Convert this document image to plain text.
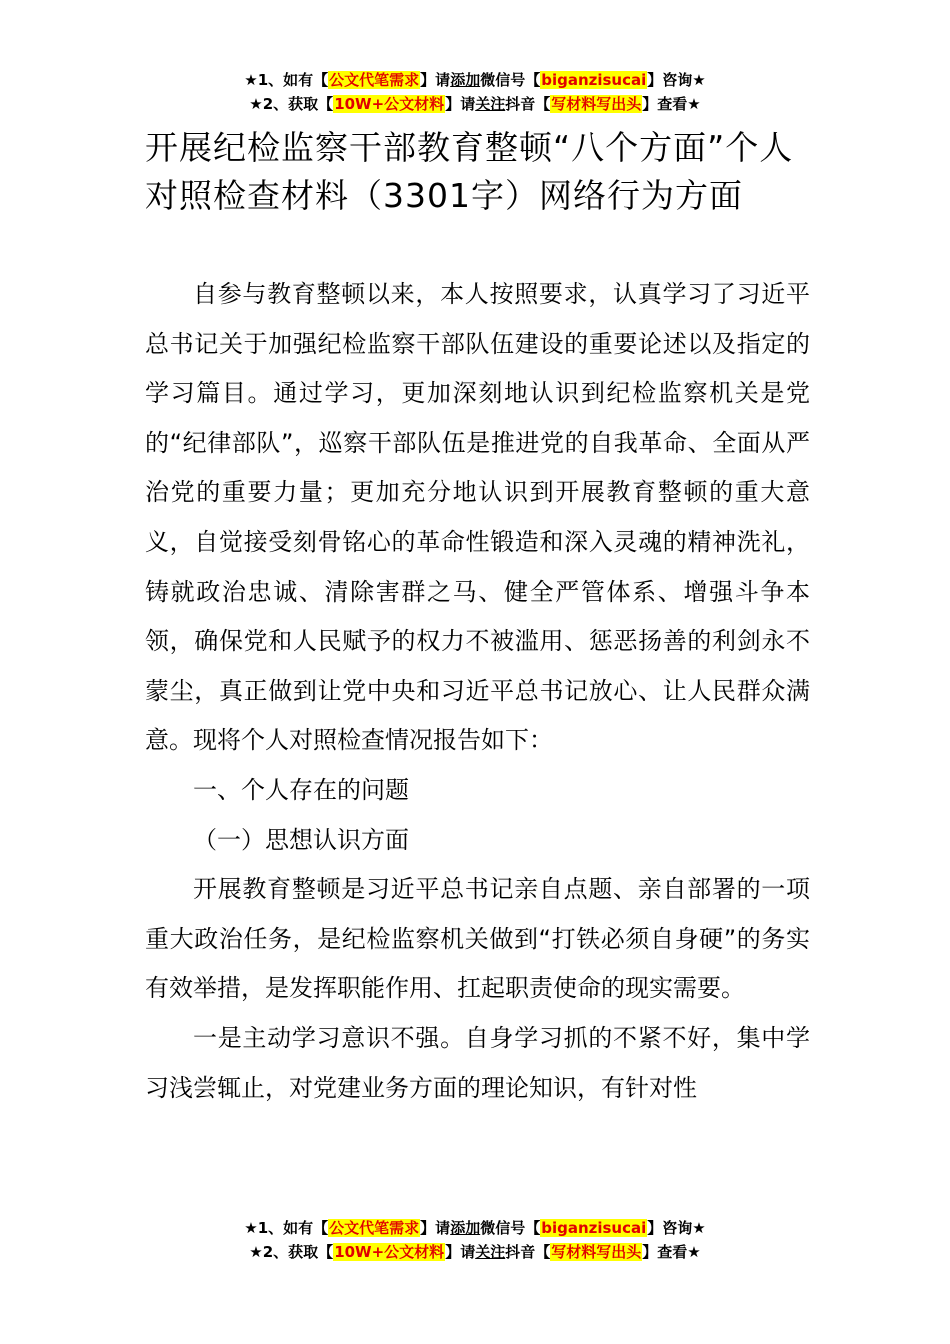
★1、如有【公文代笔需求】请添加微信号【biganzisucai】咨询★
★2、获取【10W+公文材料】请关注抖音【写材料写出头】查看★
开展纪检监察干部教育整顿“八个方面”个人对照检查材料（3301字）网络行为方面

自参与教育整顿以来，本人按照要求，认真学习了习近平总书记关于加强纪检监察干部队伍建设的重要论述以及指定的学习篇目。通过学习，更加深刻地认识到纪检监察机关是党的“纪律部队”，巡察干部队伍是推进党的自我革命、全面从严治党的重要力量；更加充分地认识到开展教育整顿的重大意义，自觉接受刻骨铭心的革命性锻造和深入灵魂的精神洗礼，铸就政治忠诚、清除害群之马、健全严管体系、增强斗争本领，确保党和人民赋予的权力不被滥用、惩恶扬善的利剑永不蒙尘，真正做到让党中央和习近平总书记放心、让人民群众满意。现将个人对照检查情况报告如下：

一、个人存在的问题

（一）思想认识方面

开展教育整顿是习近平总书记亲自点题、亲自部署的一项重大政治任务，是纪检监察机关做到“打铁必须自身硬”的务实有效举措，是发挥职能作用、扛起职责使命的现实需要。

一是主动学习意识不强。自身学习抓的不紧不好，集中学习浅尝辄止，对党建业务方面的理论知识，有针对性

★1、如有【公文代笔需求】请添加微信号【biganzisucai】咨询★
★2、获取【10W+公文材料】请关注抖音【写材料写出头】查看★
